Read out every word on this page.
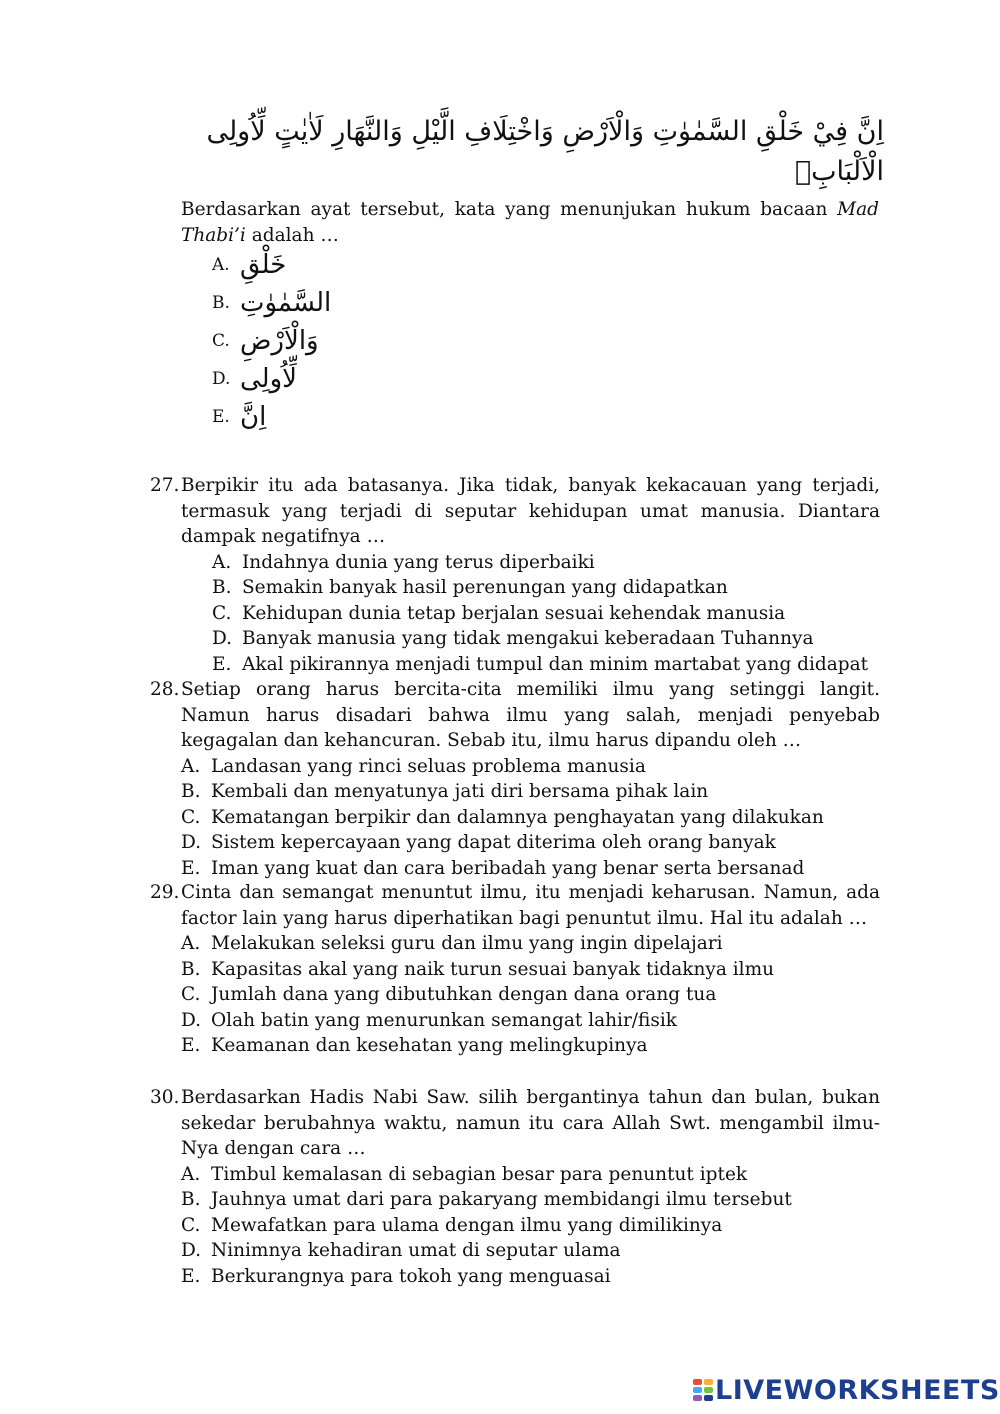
اِنَّ فِيْ خَلْقِ السَّمٰوٰتِ وَالْاَرْضِ وَاخْتِلَافِ الَّيْلِ وَالنَّهَارِ لَاٰيٰتٍ لِّاُولِى
الْاَلْبَابِۙ
Berdasarkan ayat tersebut, kata yang menunjukan hukum bacaan Mad Thabi’i adalah …
A. خَلْقِ
B. السَّمٰوٰتِ
C. وَالْاَرْضِ
D. لِّاُولِى
E. اِنَّ
27. Berpikir itu ada batasanya. Jika tidak, banyak kekacauan yang terjadi, termasuk yang terjadi di seputar kehidupan umat manusia. Diantara dampak negatifnya …
A. Indahnya dunia yang terus diperbaiki
B. Semakin banyak hasil perenungan yang didapatkan
C. Kehidupan dunia tetap berjalan sesuai kehendak manusia
D. Banyak manusia yang tidak mengakui keberadaan Tuhannya
E. Akal pikirannya menjadi tumpul dan minim martabat yang didapat
28. Setiap orang harus bercita-cita memiliki ilmu yang setinggi langit. Namun harus disadari bahwa ilmu yang salah, menjadi penyebab kegagalan dan kehancuran. Sebab itu, ilmu harus dipandu oleh …
A. Landasan yang rinci seluas problema manusia
B. Kembali dan menyatunya jati diri bersama pihak lain
C. Kematangan berpikir dan dalamnya penghayatan yang dilakukan
D. Sistem kepercayaan yang dapat diterima oleh orang banyak
E. Iman yang kuat dan cara beribadah yang benar serta bersanad
29. Cinta dan semangat menuntut ilmu, itu menjadi keharusan. Namun, ada factor lain yang harus diperhatikan bagi penuntut ilmu. Hal itu adalah …
A. Melakukan seleksi guru dan ilmu yang ingin dipelajari
B. Kapasitas akal yang naik turun sesuai banyak tidaknya ilmu
C. Jumlah dana yang dibutuhkan dengan dana orang tua
D. Olah batin yang menurunkan semangat lahir/fisik
E. Keamanan dan kesehatan yang melingkupinya
30. Berdasarkan Hadis Nabi Saw. silih bergantinya tahun dan bulan, bukan sekedar berubahnya waktu, namun itu cara Allah Swt. mengambil ilmu-Nya dengan cara …
A. Timbul kemalasan di sebagian besar para penuntut iptek
B. Jauhnya umat dari para pakaryang membidangi ilmu tersebut
C. Mewafatkan para ulama dengan ilmu yang dimilikinya
D. Ninimnya kehadiran umat di seputar ulama
E. Berkurangnya para tokoh yang menguasai
LIVEWORKSHEETS
